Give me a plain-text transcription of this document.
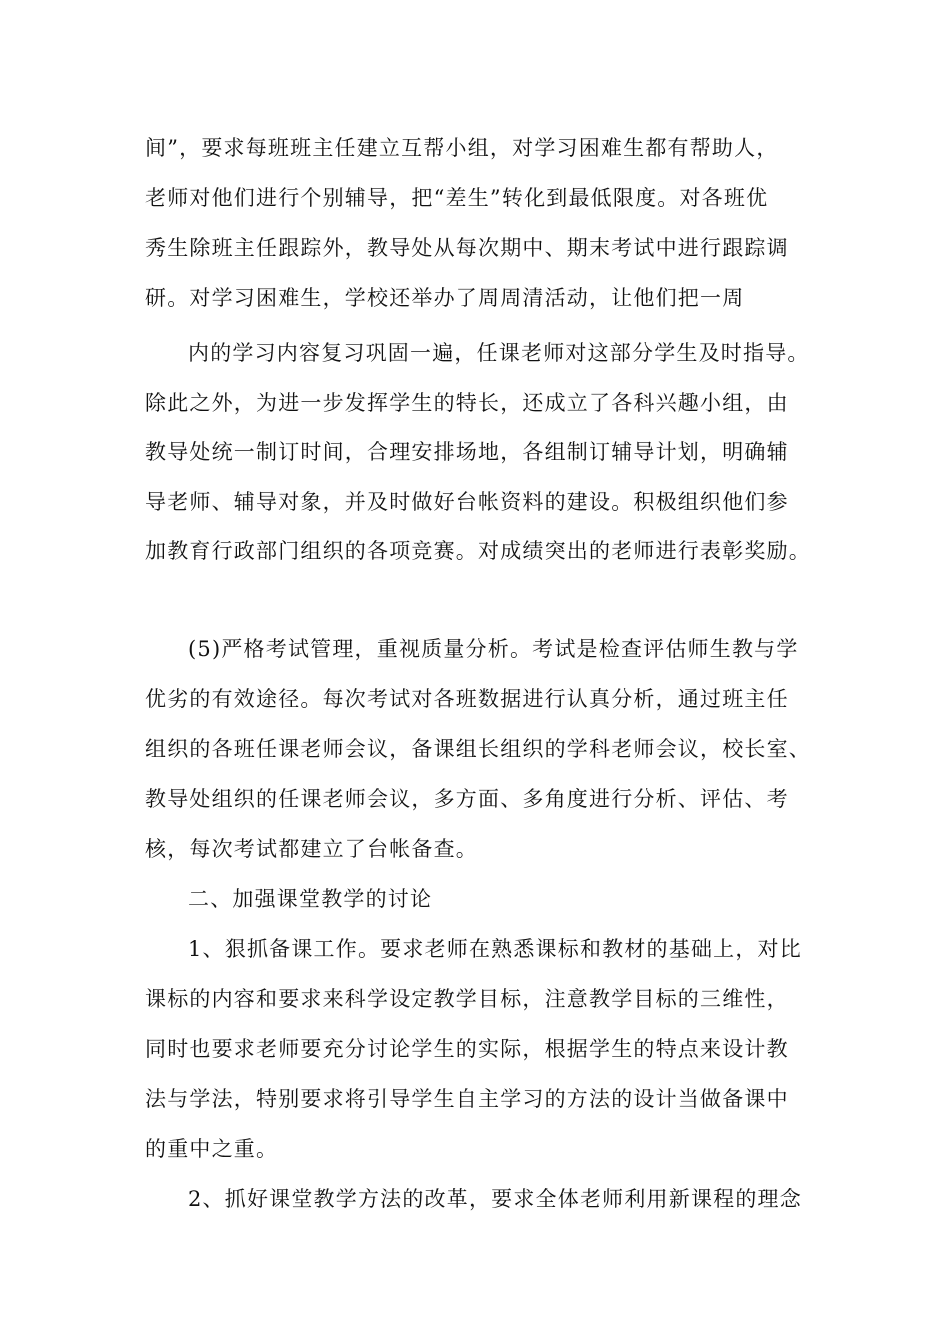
间”，要求每班班主任建立互帮小组，对学习困难生都有帮助人，
老师对他们进行个别辅导，把“差生”转化到最低限度。对各班优
秀生除班主任跟踪外，教导处从每次期中、期末考试中进行跟踪调
研。对学习困难生，学校还举办了周周清活动，让他们把一周
内的学习内容复习巩固一遍，任课老师对这部分学生及时指导。
除此之外，为进一步发挥学生的特长，还成立了各科兴趣小组，由
教导处统一制订时间，合理安排场地，各组制订辅导计划，明确辅
导老师、辅导对象，并及时做好台帐资料的建设。积极组织他们参
加教育行政部门组织的各项竞赛。对成绩突出的老师进行表彰奖励。
(5)严格考试管理，重视质量分析。考试是检查评估师生教与学
优劣的有效途径。每次考试对各班数据进行认真分析，通过班主任
组织的各班任课老师会议，备课组长组织的学科老师会议，校长室、
教导处组织的任课老师会议，多方面、多角度进行分析、评估、考
核，每次考试都建立了台帐备查。
二、加强课堂教学的讨论
1、狠抓备课工作。要求老师在熟悉课标和教材的基础上，对比
课标的内容和要求来科学设定教学目标，注意教学目标的三维性，
同时也要求老师要充分讨论学生的实际，根据学生的特点来设计教
法与学法，特别要求将引导学生自主学习的方法的设计当做备课中
的重中之重。
2、抓好课堂教学方法的改革，要求全体老师利用新课程的理念
